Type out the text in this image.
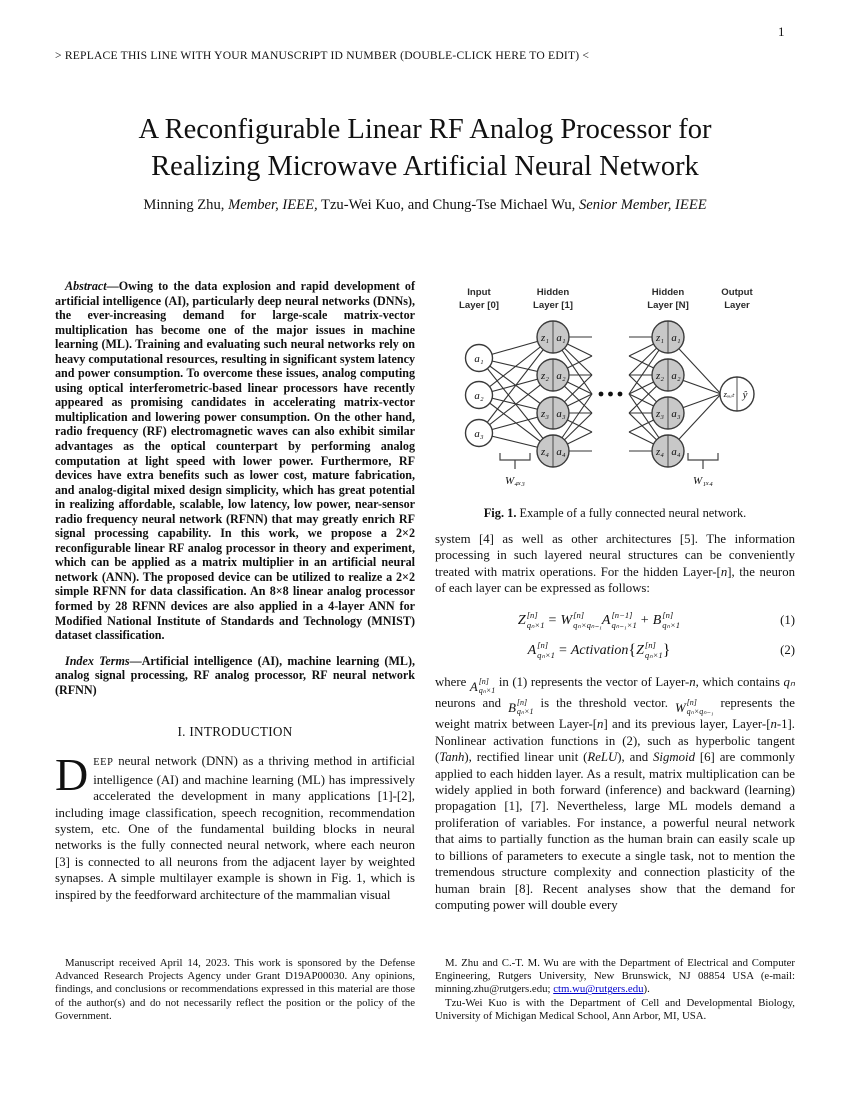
1
> REPLACE THIS LINE WITH YOUR MANUSCRIPT ID NUMBER (DOUBLE-CLICK HERE TO EDIT) <
A Reconfigurable Linear RF Analog Processor for
Realizing Microwave Artificial Neural Network
Minning Zhu, Member, IEEE, Tzu-Wei Kuo, and Chung-Tse Michael Wu, Senior Member, IEEE

Abstract—Owing to the data explosion and rapid development of artificial intelligence (AI), particularly deep neural networks (DNNs), the ever-increasing demand for large-scale matrix-vector multiplication has become one of the major issues in machine learning (ML). Training and evaluating such neural networks rely on heavy computational resources, resulting in significant system latency and power consumption. To overcome these issues, analog computing using optical interferometric-based linear processors have recently appeared as promising candidates in accelerating matrix-vector multiplication and lowering power consumption. On the other hand, radio frequency (RF) electromagnetic waves can also exhibit similar advantages as the optical counterpart by performing analog computation at light speed with lower power. Furthermore, RF devices have extra benefits such as lower cost, mature fabrication, and analog-digital mixed design simplicity, which has great potential in realizing affordable, scalable, low latency, low power, near-sensor radio frequency neural network (RFNN) that may greatly enrich RF signal processing capability. In this work, we propose a 2×2 reconfigurable linear RF analog processor in theory and experiment, which can be applied as a matrix multiplier in an artificial neural network (ANN). The proposed device can be utilized to realize a 2×2 simple RFNN for data classification. An 8×8 linear analog processor formed by 28 RFNN devices are also applied in a 4-layer ANN for Modified National Institute of Standards and Technology (MNIST) dataset classification.

Index Terms—Artificial intelligence (AI), machine learning (ML), analog signal processing, RF analog processor, RF neural network (RFNN)

I. INTRODUCTION

DEEP neural network (DNN) as a thriving method in artificial intelligence (AI) and machine learning (ML) has impressively accelerated the development in many applications [1]-[2], including image classification, speech recognition, recommendation system, etc. One of the fundamental building blocks in neural networks is the fully connected neural network, where each neuron [3] is connected to all neurons from the adjacent layer by weighted synapses. A simple multilayer example is shown in Fig. 1, which is inspired by the feedforward architecture of the mammalian visual

Input
Layer [0]
Hidden
Layer [1]
Hidden
Layer [N]
Output
Layer
a₁
a₂
a₃
z₁ a₁
z₂ a₂
z₃ a₃
z₄ a₄
z₁ a₁
z₂ a₂
z₃ a₃
z₄ a₄
zₒᵤₜ ŷ
W₄ₓ₃	W₁ₓ₄
Fig. 1. Example of a fully connected neural network.

system [4] as well as other architectures [5]. The information processing in such layered neural structures can be conveniently treated with matrix operations. For the hidden Layer-[n], the neuron of each layer can be expressed as follows:

Z [n]
qₙ×1 = W [n]
qₙ×qₙ₋₁ A [n−1]
qₙ₋₁×1 + B [n]
qₙ×1	(1)
A [n]
qₙ×1 = Activation { Z [n]
qₙ×1 }	(2)

where A [n]
qₙ×1
in (1) represents the vector of Layer-n, which contains qₙ neurons and B [n]
qₙ×1
is the threshold vector. W [n]
qₙ×qₙ₋₁
represents the weight matrix between Layer-[n] and its previous layer, Layer-[n-1]. Nonlinear activation functions in (2), such as hyperbolic tangent (Tanh), rectified linear unit (ReLU), and Sigmoid [6] are commonly applied to each hidden layer. As a result, matrix multiplication can be widely applied in both forward (inference) and backward (learning) propagation [1], [7]. Nevertheless, large ML models demand a proliferation of variables. For instance, a powerful neural network that aims to partially function as the human brain can easily scale up to billions of parameters to execute a single task, not to mention the tremendous structure complexity and connection plasticity of the human brain [8]. Recent analyses show that the demand for computing power will double every

Manuscript received April 14, 2023. This work is sponsored by the Defense Advanced Research Projects Agency under Grant D19AP00030. Any opinions, findings, and conclusions or recommendations expressed in this material are those of the author(s) and do not necessarily reflect the position or the policy of the Government.

M. Zhu and C.-T. M. Wu are with the Department of Electrical and Computer Engineering, Rutgers University, New Brunswick, NJ 08854 USA (e-mail: minning.zhu@rutgers.edu; ctm.wu@rutgers.edu).

Tzu-Wei Kuo is with the Department of Cell and Developmental Biology, University of Michigan Medical School, Ann Arbor, MI, USA.
